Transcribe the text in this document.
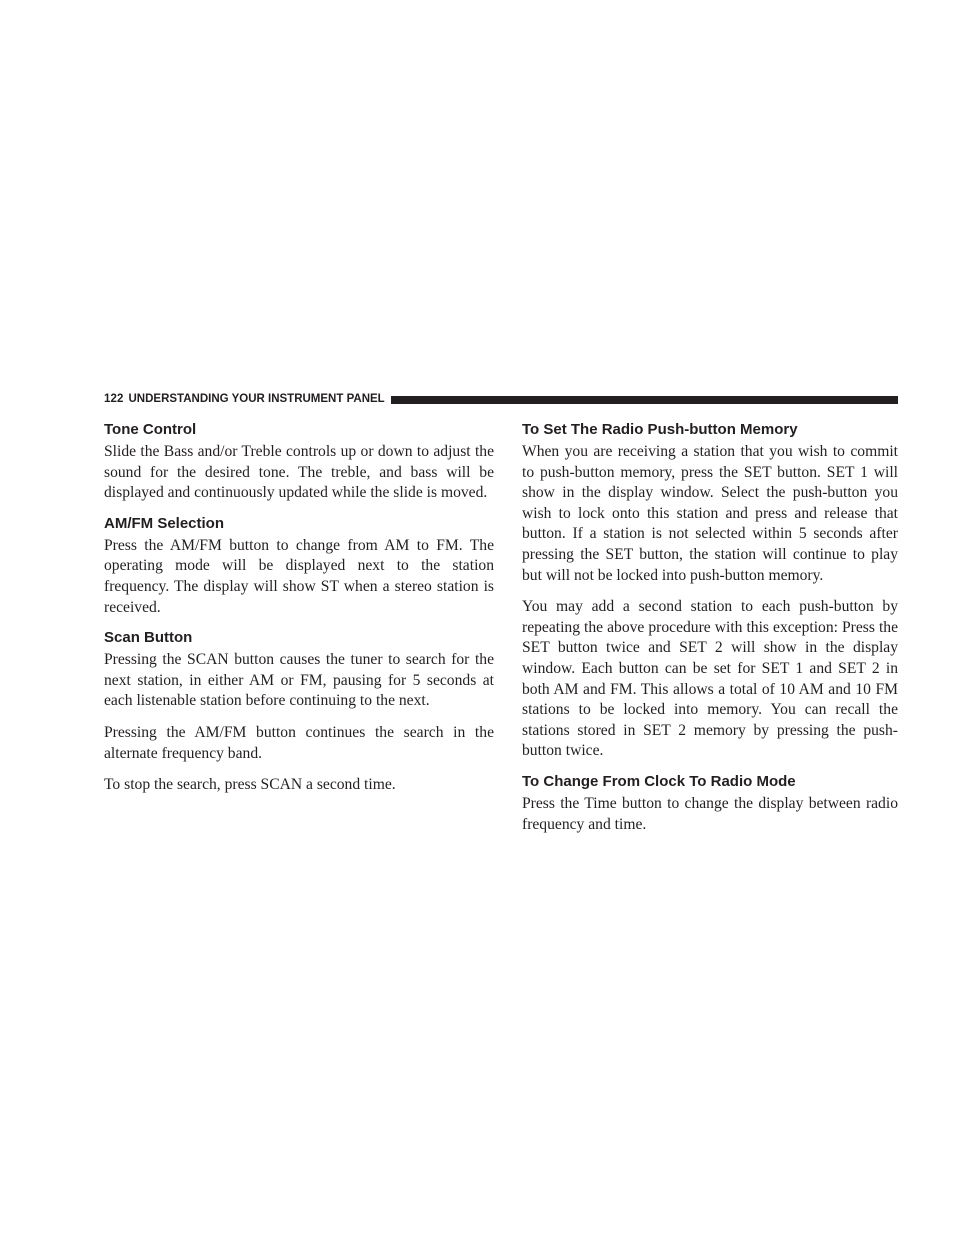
122 UNDERSTANDING YOUR INSTRUMENT PANEL
Tone Control

Slide the Bass and/or Treble controls up or down to adjust the sound for the desired tone. The treble, and bass will be displayed and continuously updated while the slide is moved.

AM/FM Selection

Press the AM/FM button to change from AM to FM. The operating mode will be displayed next to the station frequency. The display will show ST when a stereo station is received.

Scan Button

Pressing the SCAN button causes the tuner to search for the next station, in either AM or FM, pausing for 5 seconds at each listenable station before continuing to the next.

Pressing the AM/FM button continues the search in the alternate frequency band.

To stop the search, press SCAN a second time.

To Set The Radio Push-button Memory

When you are receiving a station that you wish to commit to push-button memory, press the SET button. SET 1 will show in the display window. Select the push-button you wish to lock onto this station and press and release that button. If a station is not selected within 5 seconds after pressing the SET button, the station will continue to play but will not be locked into push-button memory.

You may add a second station to each push-button by repeating the above procedure with this exception: Press the SET button twice and SET 2 will show in the display window. Each button can be set for SET 1 and SET 2 in both AM and FM. This allows a total of 10 AM and 10 FM stations to be locked into memory. You can recall the stations stored in SET 2 memory by pressing the push-button twice.

To Change From Clock To Radio Mode

Press the Time button to change the display between radio frequency and time.
